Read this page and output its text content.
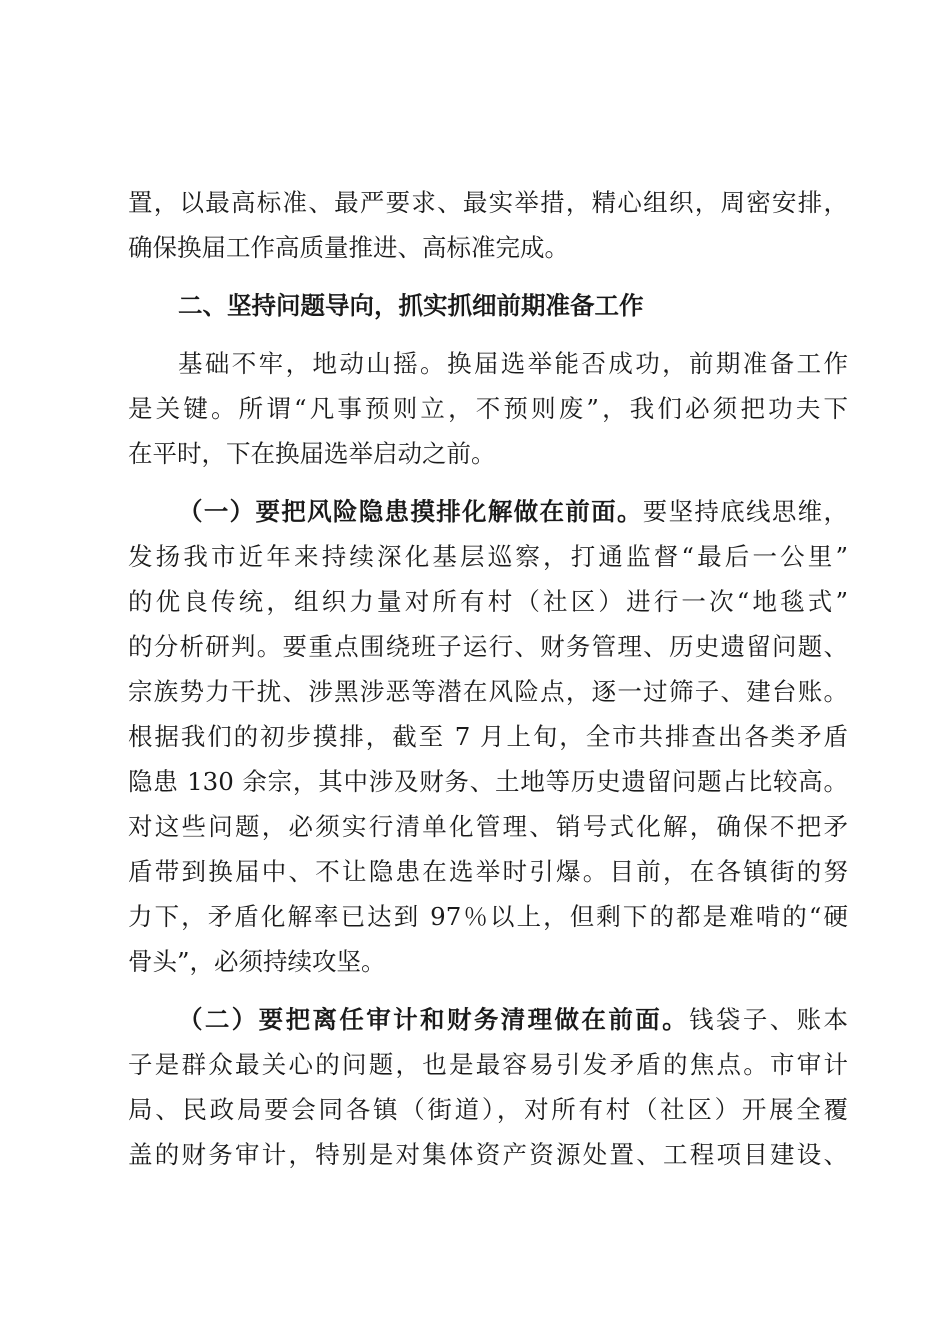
置，以最高标准、最严要求、最实举措，精心组织，周密安排，
确保换届工作高质量推进、高标准完成。
二、坚持问题导向，抓实抓细前期准备工作
基础不牢，地动山摇。换届选举能否成功，前期准备工作
是关键。所谓“凡事预则立，不预则废”，我们必须把功夫下
在平时，下在换届选举启动之前。
（一）要把风险隐患摸排化解做在前面。要坚持底线思维，
发扬我市近年来持续深化基层巡察，打通监督“最后一公里”
的优良传统，组织力量对所有村（社区）进行一次“地毯式”
的分析研判。要重点围绕班子运行、财务管理、历史遗留问题、
宗族势力干扰、涉黑涉恶等潜在风险点，逐一过筛子、建台账。
根据我们的初步摸排，截至 7 月上旬，全市共排查出各类矛盾
隐患 130 余宗，其中涉及财务、土地等历史遗留问题占比较高。
对这些问题，必须实行清单化管理、销号式化解，确保不把矛
盾带到换届中、不让隐患在选举时引爆。目前，在各镇街的努
力下，矛盾化解率已达到 97％以上，但剩下的都是难啃的“硬
骨头”，必须持续攻坚。
（二）要把离任审计和财务清理做在前面。钱袋子、账本
子是群众最关心的问题，也是最容易引发矛盾的焦点。市审计
局、民政局要会同各镇（街道），对所有村（社区）开展全覆
盖的财务审计，特别是对集体资产资源处置、工程项目建设、
